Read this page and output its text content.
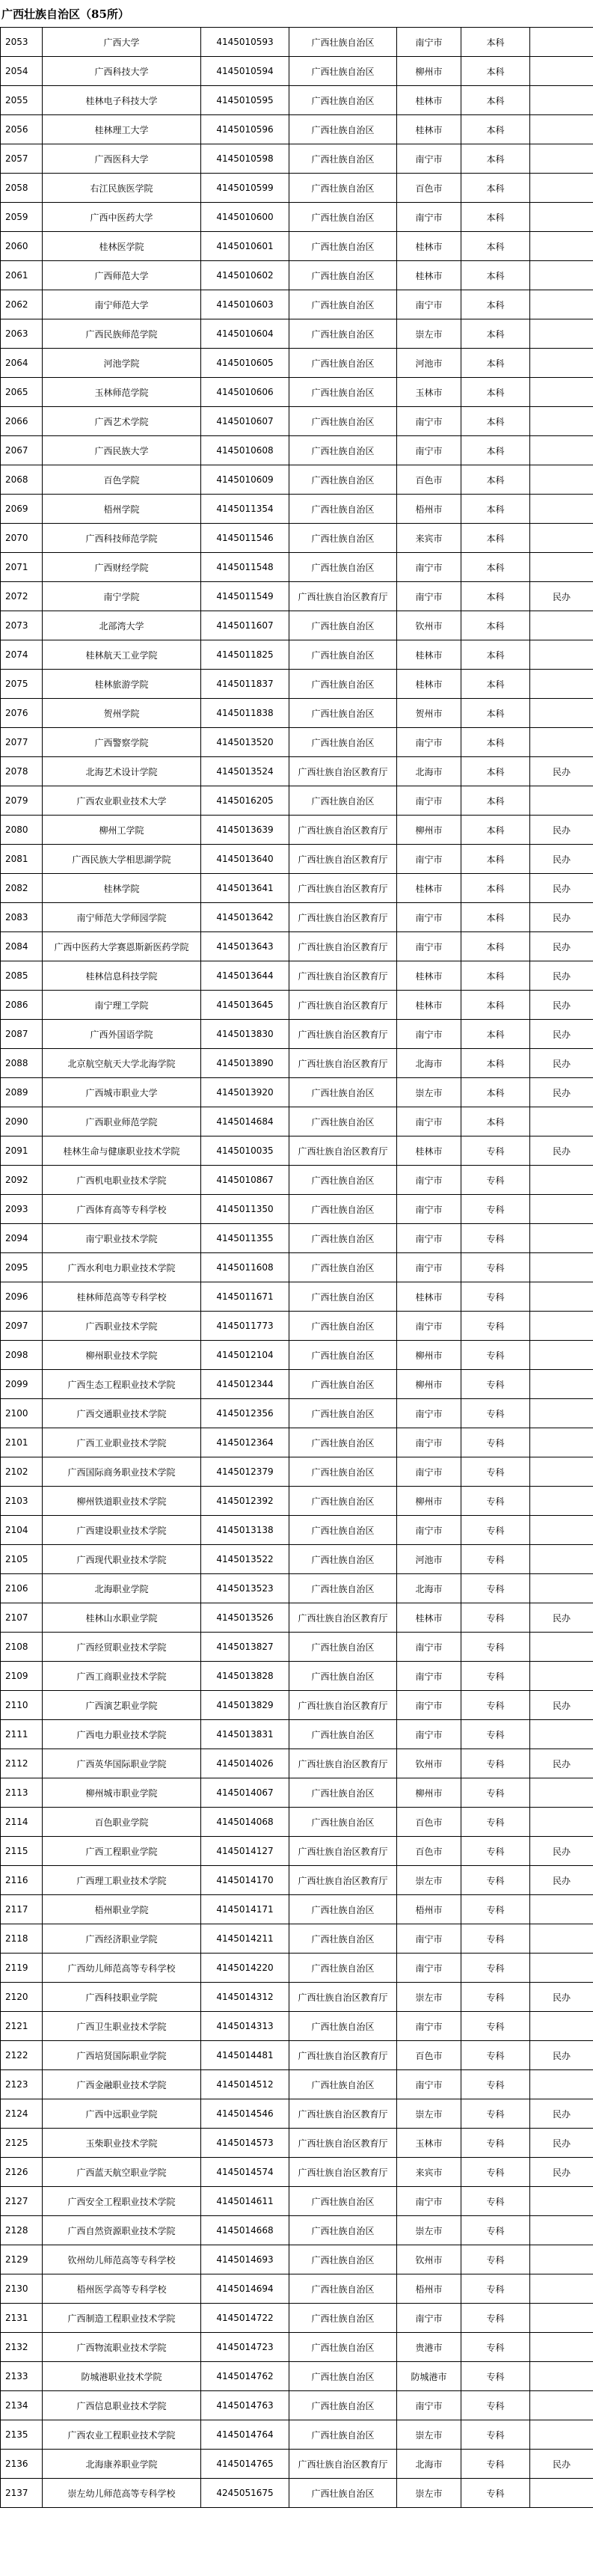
广西壮族自治区（85所）
2053	广西大学	4145010593	广西壮族自治区	南宁市	本科	
2054	广西科技大学	4145010594	广西壮族自治区	柳州市	本科	
2055	桂林电子科技大学	4145010595	广西壮族自治区	桂林市	本科	
2056	桂林理工大学	4145010596	广西壮族自治区	桂林市	本科	
2057	广西医科大学	4145010598	广西壮族自治区	南宁市	本科	
2058	右江民族医学院	4145010599	广西壮族自治区	百色市	本科	
2059	广西中医药大学	4145010600	广西壮族自治区	南宁市	本科	
2060	桂林医学院	4145010601	广西壮族自治区	桂林市	本科	
2061	广西师范大学	4145010602	广西壮族自治区	桂林市	本科	
2062	南宁师范大学	4145010603	广西壮族自治区	南宁市	本科	
2063	广西民族师范学院	4145010604	广西壮族自治区	崇左市	本科	
2064	河池学院	4145010605	广西壮族自治区	河池市	本科	
2065	玉林师范学院	4145010606	广西壮族自治区	玉林市	本科	
2066	广西艺术学院	4145010607	广西壮族自治区	南宁市	本科	
2067	广西民族大学	4145010608	广西壮族自治区	南宁市	本科	
2068	百色学院	4145010609	广西壮族自治区	百色市	本科	
2069	梧州学院	4145011354	广西壮族自治区	梧州市	本科	
2070	广西科技师范学院	4145011546	广西壮族自治区	来宾市	本科	
2071	广西财经学院	4145011548	广西壮族自治区	南宁市	本科	
2072	南宁学院	4145011549	广西壮族自治区教育厅	南宁市	本科	民办
2073	北部湾大学	4145011607	广西壮族自治区	钦州市	本科	
2074	桂林航天工业学院	4145011825	广西壮族自治区	桂林市	本科	
2075	桂林旅游学院	4145011837	广西壮族自治区	桂林市	本科	
2076	贺州学院	4145011838	广西壮族自治区	贺州市	本科	
2077	广西警察学院	4145013520	广西壮族自治区	南宁市	本科	
2078	北海艺术设计学院	4145013524	广西壮族自治区教育厅	北海市	本科	民办
2079	广西农业职业技术大学	4145016205	广西壮族自治区	南宁市	本科	
2080	柳州工学院	4145013639	广西壮族自治区教育厅	柳州市	本科	民办
2081	广西民族大学相思湖学院	4145013640	广西壮族自治区教育厅	南宁市	本科	民办
2082	桂林学院	4145013641	广西壮族自治区教育厅	桂林市	本科	民办
2083	南宁师范大学师园学院	4145013642	广西壮族自治区教育厅	南宁市	本科	民办
2084	广西中医药大学赛恩斯新医药学院	4145013643	广西壮族自治区教育厅	南宁市	本科	民办
2085	桂林信息科技学院	4145013644	广西壮族自治区教育厅	桂林市	本科	民办
2086	南宁理工学院	4145013645	广西壮族自治区教育厅	桂林市	本科	民办
2087	广西外国语学院	4145013830	广西壮族自治区教育厅	南宁市	本科	民办
2088	北京航空航天大学北海学院	4145013890	广西壮族自治区教育厅	北海市	本科	民办
2089	广西城市职业大学	4145013920	广西壮族自治区	崇左市	本科	民办
2090	广西职业师范学院	4145014684	广西壮族自治区	南宁市	本科	
2091	桂林生命与健康职业技术学院	4145010035	广西壮族自治区教育厅	桂林市	专科	民办
2092	广西机电职业技术学院	4145010867	广西壮族自治区	南宁市	专科	
2093	广西体育高等专科学校	4145011350	广西壮族自治区	南宁市	专科	
2094	南宁职业技术学院	4145011355	广西壮族自治区	南宁市	专科	
2095	广西水利电力职业技术学院	4145011608	广西壮族自治区	南宁市	专科	
2096	桂林师范高等专科学校	4145011671	广西壮族自治区	桂林市	专科	
2097	广西职业技术学院	4145011773	广西壮族自治区	南宁市	专科	
2098	柳州职业技术学院	4145012104	广西壮族自治区	柳州市	专科	
2099	广西生态工程职业技术学院	4145012344	广西壮族自治区	柳州市	专科	
2100	广西交通职业技术学院	4145012356	广西壮族自治区	南宁市	专科	
2101	广西工业职业技术学院	4145012364	广西壮族自治区	南宁市	专科	
2102	广西国际商务职业技术学院	4145012379	广西壮族自治区	南宁市	专科	
2103	柳州铁道职业技术学院	4145012392	广西壮族自治区	柳州市	专科	
2104	广西建设职业技术学院	4145013138	广西壮族自治区	南宁市	专科	
2105	广西现代职业技术学院	4145013522	广西壮族自治区	河池市	专科	
2106	北海职业学院	4145013523	广西壮族自治区	北海市	专科	
2107	桂林山水职业学院	4145013526	广西壮族自治区教育厅	桂林市	专科	民办
2108	广西经贸职业技术学院	4145013827	广西壮族自治区	南宁市	专科	
2109	广西工商职业技术学院	4145013828	广西壮族自治区	南宁市	专科	
2110	广西演艺职业学院	4145013829	广西壮族自治区教育厅	南宁市	专科	民办
2111	广西电力职业技术学院	4145013831	广西壮族自治区	南宁市	专科	
2112	广西英华国际职业学院	4145014026	广西壮族自治区教育厅	钦州市	专科	民办
2113	柳州城市职业学院	4145014067	广西壮族自治区	柳州市	专科	
2114	百色职业学院	4145014068	广西壮族自治区	百色市	专科	
2115	广西工程职业学院	4145014127	广西壮族自治区教育厅	百色市	专科	民办
2116	广西理工职业技术学院	4145014170	广西壮族自治区教育厅	崇左市	专科	民办
2117	梧州职业学院	4145014171	广西壮族自治区	梧州市	专科	
2118	广西经济职业学院	4145014211	广西壮族自治区	南宁市	专科	
2119	广西幼儿师范高等专科学校	4145014220	广西壮族自治区	南宁市	专科	
2120	广西科技职业学院	4145014312	广西壮族自治区教育厅	崇左市	专科	民办
2121	广西卫生职业技术学院	4145014313	广西壮族自治区	南宁市	专科	
2122	广西培贤国际职业学院	4145014481	广西壮族自治区教育厅	百色市	专科	民办
2123	广西金融职业技术学院	4145014512	广西壮族自治区	南宁市	专科	
2124	广西中远职业学院	4145014546	广西壮族自治区教育厅	崇左市	专科	民办
2125	玉柴职业技术学院	4145014573	广西壮族自治区教育厅	玉林市	专科	民办
2126	广西蓝天航空职业学院	4145014574	广西壮族自治区教育厅	来宾市	专科	民办
2127	广西安全工程职业技术学院	4145014611	广西壮族自治区	南宁市	专科	
2128	广西自然资源职业技术学院	4145014668	广西壮族自治区	崇左市	专科	
2129	钦州幼儿师范高等专科学校	4145014693	广西壮族自治区	钦州市	专科	
2130	梧州医学高等专科学校	4145014694	广西壮族自治区	梧州市	专科	
2131	广西制造工程职业技术学院	4145014722	广西壮族自治区	南宁市	专科	
2132	广西物流职业技术学院	4145014723	广西壮族自治区	贵港市	专科	
2133	防城港职业技术学院	4145014762	广西壮族自治区	防城港市	专科	
2134	广西信息职业技术学院	4145014763	广西壮族自治区	南宁市	专科	
2135	广西农业工程职业技术学院	4145014764	广西壮族自治区	崇左市	专科	
2136	北海康养职业学院	4145014765	广西壮族自治区教育厅	北海市	专科	民办
2137	崇左幼儿师范高等专科学校	4245051675	广西壮族自治区	崇左市	专科	
